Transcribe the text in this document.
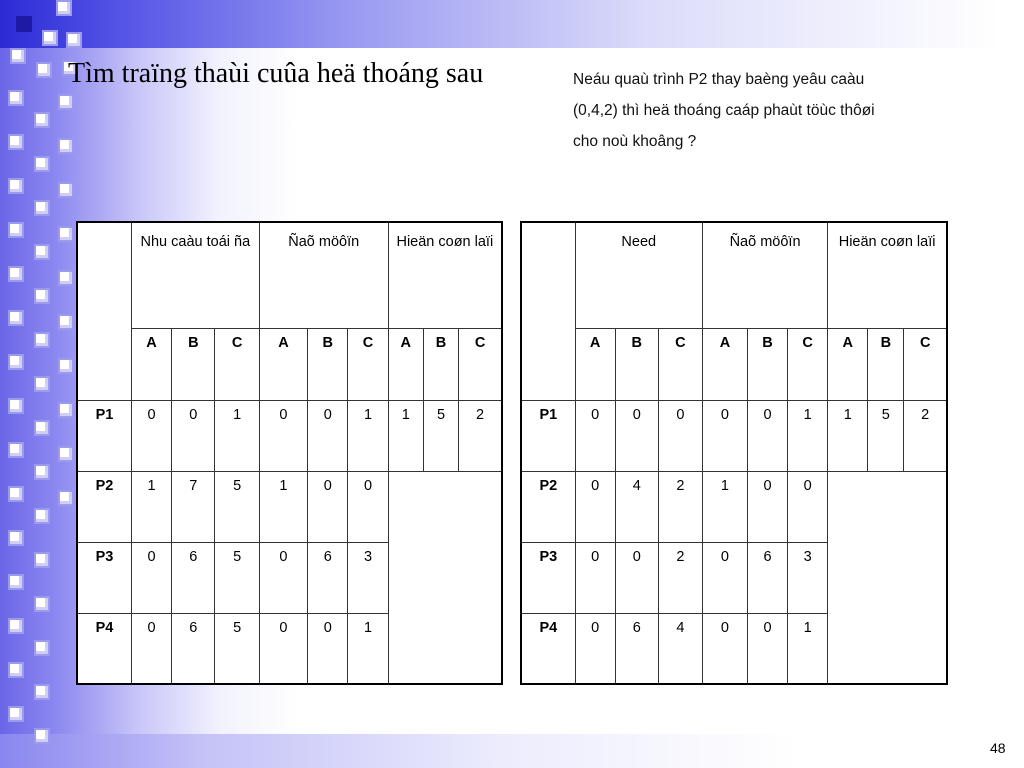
Tìm traïng thaùi cuûa heä thoáng sau	Neáu quaù trình P2 thay baèng yeâu caàu
(0,4,2) thì heä thoáng caáp phaùt töùc thôøi
cho noù khoâng ?
	Nhu caàu toái ña			Ñaõ möôïn			Hieän coøn laïi		
	A	B	C	A	B	C	A	B	C
P1	0	0	1	0	0	1	1	5	2
P2	1	7	5	1	0	0			
P3	0	6	5	0	6	3			
P4	0	6	5	0	0	1			
	Need			Ñaõ möôïn			Hieän coøn laïi		
	A	B	C	A	B	C	A	B	C
P1	0	0	0	0	0	1	1	5	2
P2	0	4	2	1	0	0			
P3	0	0	2	0	6	3			
P4	0	6	4	0	0	1			
48
